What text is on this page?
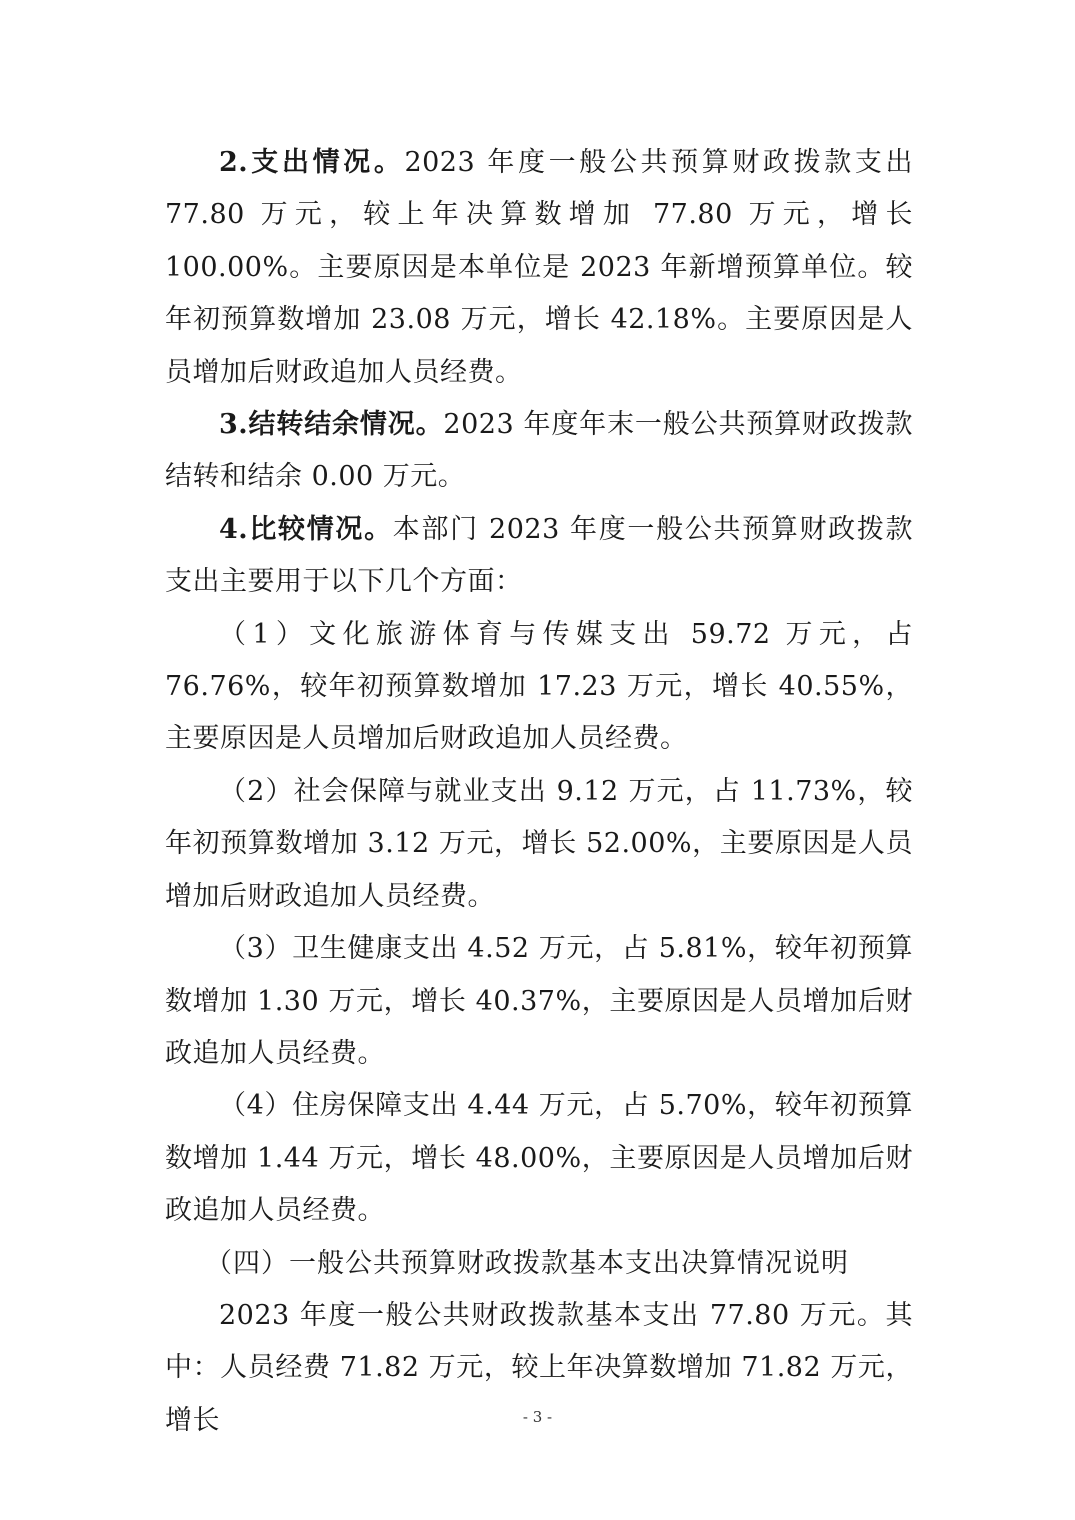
2.支出情况。2023 年度一般公共预算财政拨款支出 77.80 万元，较上年决算数增加 77.80 万元，增长 100.00%。主要原因是本单位是 2023 年新增预算单位。较年初预算数增加 23.08 万元，增长 42.18%。主要原因是人员增加后财政追加人员经费。

3.结转结余情况。2023 年度年末一般公共预算财政拨款结转和结余 0.00 万元。

4.比较情况。本部门 2023 年度一般公共预算财政拨款支出主要用于以下几个方面：

（1）文化旅游体育与传媒支出 59.72 万元，占 76.76%，较年初预算数增加 17.23 万元，增长 40.55%，主要原因是人员增加后财政追加人员经费。

（2）社会保障与就业支出 9.12 万元，占 11.73%，较年初预算数增加 3.12 万元，增长 52.00%，主要原因是人员增加后财政追加人员经费。

（3）卫生健康支出 4.52 万元，占 5.81%，较年初预算数增加 1.30 万元，增长 40.37%，主要原因是人员增加后财政追加人员经费。

（4）住房保障支出 4.44 万元，占 5.70%，较年初预算数增加 1.44 万元，增长 48.00%，主要原因是人员增加后财政追加人员经费。

（四）一般公共预算财政拨款基本支出决算情况说明

2023 年度一般公共财政拨款基本支出 77.80 万元。其中：人员经费 71.82 万元，较上年决算数增加 71.82 万元，增长	- 3 -
